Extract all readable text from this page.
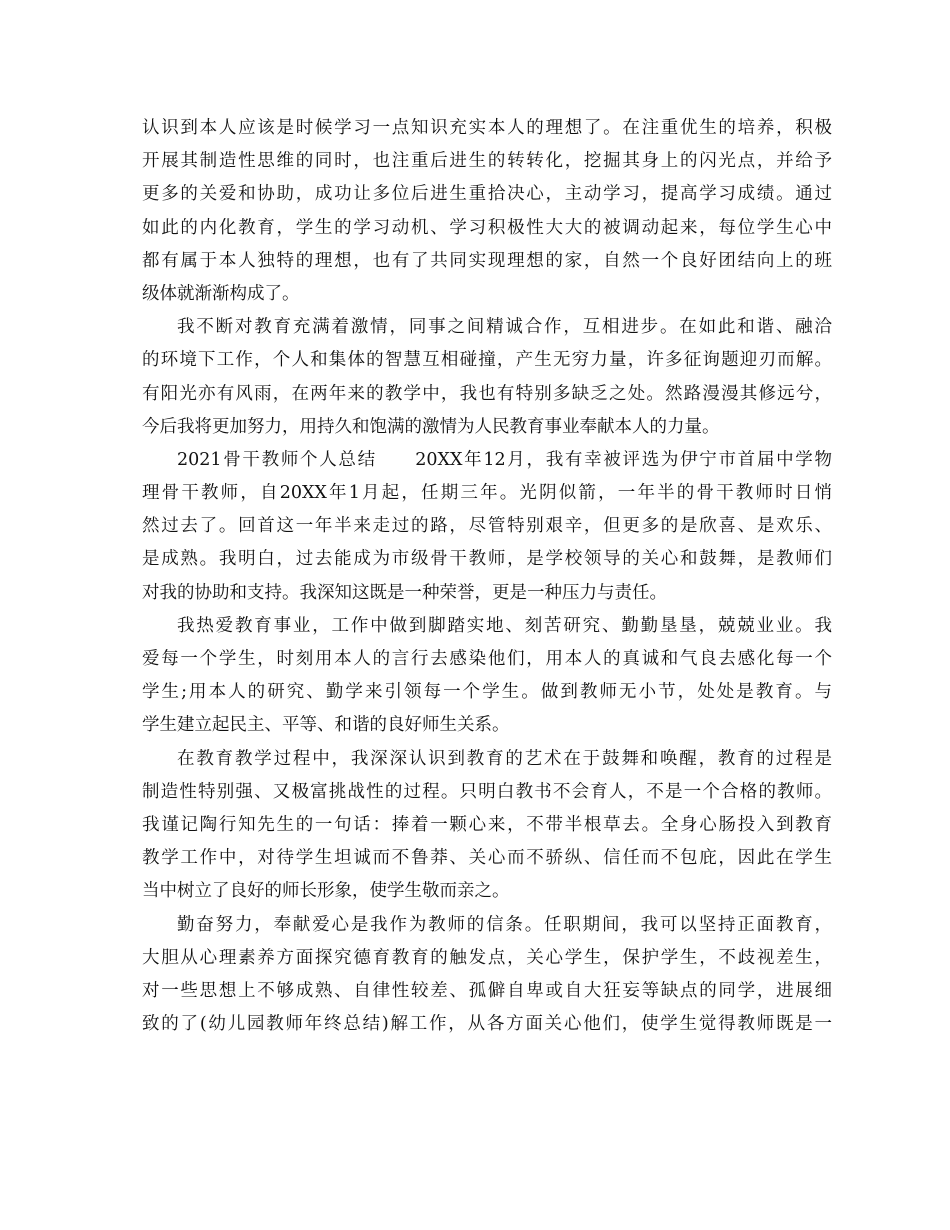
认识到本人应该是时候学习一点知识充实本人的理想了。在注重优生的培养，积极
开展其制造性思维的同时，也注重后进生的转转化，挖掘其身上的闪光点，并给予
更多的关爱和协助，成功让多位后进生重拾决心，主动学习，提高学习成绩。通过
如此的内化教育，学生的学习动机、学习积极性大大的被调动起来，每位学生心中
都有属于本人独特的理想，也有了共同实现理想的家，自然一个良好团结向上的班
级体就渐渐构成了。
我不断对教育充满着激情，同事之间精诚合作，互相进步。在如此和谐、融洽
的环境下工作，个人和集体的智慧互相碰撞，产生无穷力量，许多征询题迎刃而解。
有阳光亦有风雨，在两年来的教学中，我也有特别多缺乏之处。然路漫漫其修远兮，
今后我将更加努力，用持久和饱满的激情为人民教育事业奉献本人的力量。
2021骨干教师个人总结　　20XX年12月，我有幸被评选为伊宁市首届中学物
理骨干教师，自20XX年1月起，任期三年。光阴似箭，一年半的骨干教师时日悄
然过去了。回首这一年半来走过的路，尽管特别艰辛，但更多的是欣喜、是欢乐、
是成熟。我明白，过去能成为市级骨干教师，是学校领导的关心和鼓舞，是教师们
对我的协助和支持。我深知这既是一种荣誉，更是一种压力与责任。
我热爱教育事业，工作中做到脚踏实地、刻苦研究、勤勤垦垦，兢兢业业。我
爱每一个学生，时刻用本人的言行去感染他们，用本人的真诚和气良去感化每一个
学生;用本人的研究、勤学来引领每一个学生。做到教师无小节，处处是教育。与
学生建立起民主、平等、和谐的良好师生关系。
在教育教学过程中，我深深认识到教育的艺术在于鼓舞和唤醒，教育的过程是
制造性特别强、又极富挑战性的过程。只明白教书不会育人，不是一个合格的教师。
我谨记陶行知先生的一句话：捧着一颗心来，不带半根草去。全身心肠投入到教育
教学工作中，对待学生坦诚而不鲁莽、关心而不骄纵、信任而不包庇，因此在学生
当中树立了良好的师长形象，使学生敬而亲之。
勤奋努力，奉献爱心是我作为教师的信条。任职期间，我可以坚持正面教育，
大胆从心理素养方面探究德育教育的触发点，关心学生，保护学生，不歧视差生，
对一些思想上不够成熟、自律性较差、孤僻自卑或自大狂妄等缺点的同学，进展细
致的了(幼儿园教师年终总结)解工作，从各方面关心他们，使学生觉得教师既是一
